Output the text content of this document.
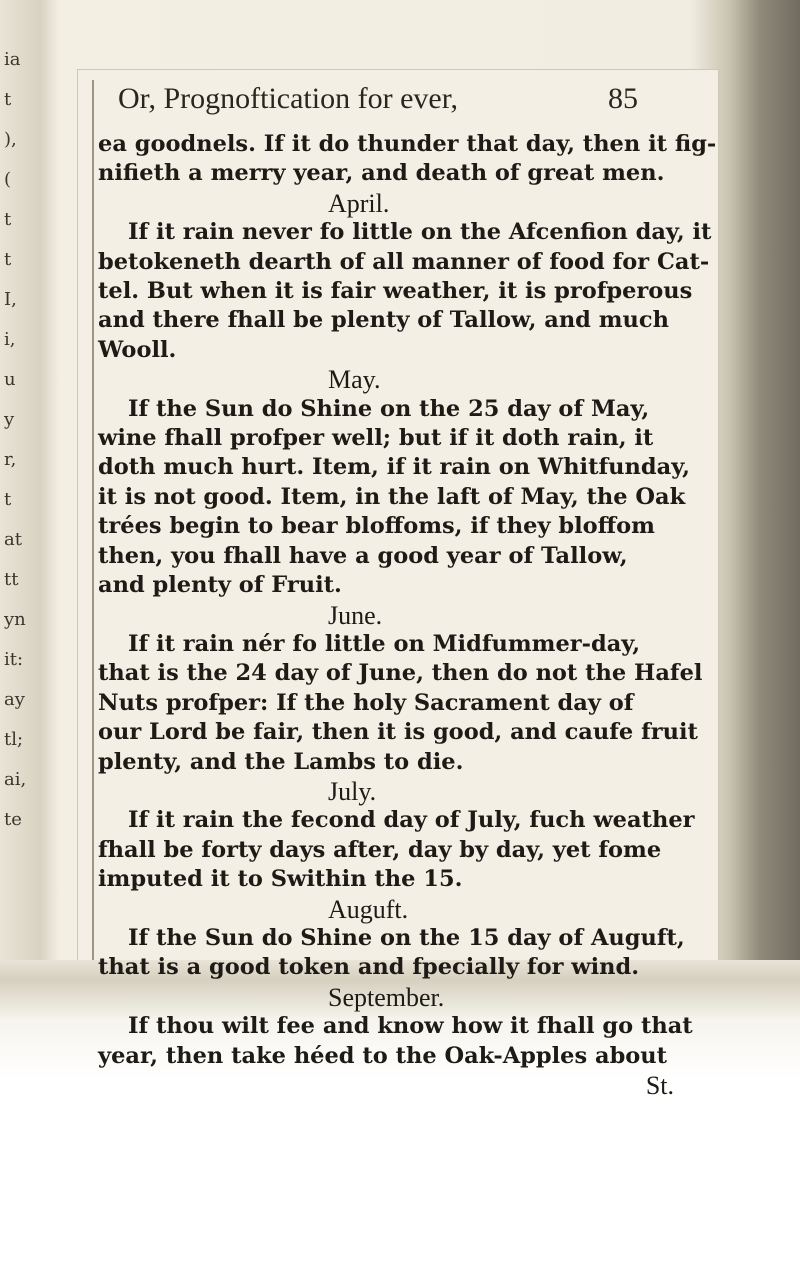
ia
t
),
(
t
t
I,
i,
u
y
r,
t
at
tt
yn
it:
ay
tl;
ai,
te
Or, Prognoftication for ever,	85

ea goodnels. If it do thunder that day, then it fig-

nifieth a merry year, and death of great men.

April.

If it rain never fo little on the Afcenfion day, it

betokeneth dearth of all manner of food for Cat-

tel. But when it is fair weather, it is profperous

and there fhall be plenty of Tallow, and much

Wooll.

May.

If the Sun do Shine on the 25 day of May,

wine fhall profper well; but if it doth rain, it

doth much hurt. Item, if it rain on Whitfunday,

it is not good. Item, in the laft of May, the Oak

trées begin to bear bloffoms, if they bloffom

then, you fhall have a good year of Tallow,

and plenty of Fruit.

June.

If it rain nér fo little on Midfummer-day,

that is the 24 day of June, then do not the Hafel

Nuts profper: If the holy Sacrament day of

our Lord be fair, then it is good, and caufe fruit

plenty, and the Lambs to die.

July.

If it rain the fecond day of July, fuch weather

fhall be forty days after, day by day, yet fome

imputed it to Swithin the 15.

Auguft.

If the Sun do Shine on the 15 day of Auguft,

that is a good token and fpecially for wind.

September.

If thou wilt fee and know how it fhall go that

year, then take héed to the Oak-Apples about

St.
